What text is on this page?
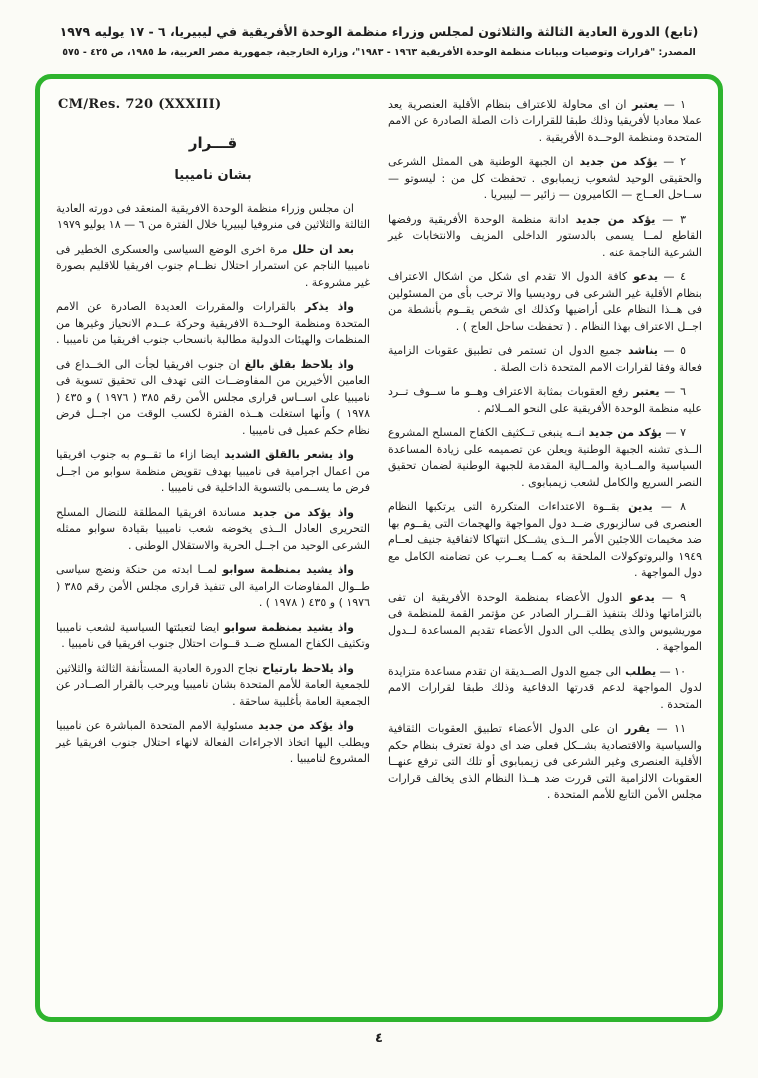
(تابع) الدورة العادية الثالثة والثلاثون لمجلس وزراء منظمة الوحدة الأفريقية في ليبيريا، ٦ - ١٧ يوليه ١٩٧٩
المصدر: "قرارات وتوصيات وبيانات منظمة الوحدة الأفريقية ١٩٦٣ - ١٩٨٣"، وزارة الخارجية، جمهورية مصر العربية، ط ١٩٨٥، ص ٤٢٥ - ٥٧٥

١ —يعتبران اى محاولة للاعتراف بنظام الأقلية العنصرية يعد عملا معاديا لأفريقيا وذلك طبقا للقرارات ذات الصلة الصادرة عن الامم المتحدة ومنظمة الوحــدة الأفريقية .

٢ —يؤكد من جديدان الجبهة الوطنية هى الممثل الشرعى والحقيقى الوحيد لشعوب زيمبابوى . تحفظت كل من : ليسوتو — ســاحل العــاج — الكاميرون — زائير — ليبيريا .

٣ —يؤكد من جديدادانة منظمة الوحدة الأفريقية ورفضها القاطع لمــا يسمى بالدستور الداخلى المزيف والانتخابات غير الشرعية الناجمة عنه .

٤ —يدعوكافة الدول الا تقدم اى شكل من اشكال الاعتراف بنظام الأقلية غير الشرعى فى روديسيا والا ترحب بأى من المسئولين فى هــذا النظام على أراضيها وكذلك اى شخص يقــوم بأنشطة من اجــل الاعتراف بهذا النظام . ( تحفظت ساحل العاج ) .

٥ —يناشدجميع الدول ان تستمر فى تطبيق عقوبات الزامية فعالة وفقا لقرارات الامم المتحدة ذات الصلة .

٦ —يعتبررفع العقوبات بمثابة الاعتراف وهــو ما ســوف تــرد عليه منظمة الوحدة الأفريقية على النحو المــلائم .

٧ —يؤكد من جديدانــه ينبغى تــكثيف الكفاح المسلح المشروع الــذى تشنه الجبهة الوطنية ويعلن عن تصميمه على زيادة المساعدة السياسية والمــادية والمــالية المقدمة للجبهة الوطنية لضمان تحقيق النصر السريع والكامل لشعب زيمبابوى .

٨ —يدينبقــوة الاعتداءات المتكررة التى يرتكبها النظام العنصرى فى سالزبورى ضــد دول المواجهة والهجمات التى يقــوم بها ضد مخيمات اللاجئين الأمر الــذى يشــكل انتهاكا لاتفاقية جنيف لعــام ١٩٤٩ والبروتوكولات الملحقة به كمــا يعــرب عن تضامنه الكامل مع دول المواجهة .

٩ —يدعوالدول الأعضاء بمنظمة الوحدة الأفريقية ان تفى بالتزاماتها وذلك بتنفيذ القــرار الصادر عن مؤتمر القمة للمنظمة فى موريشيوس والذى يطلب الى الدول الأعضاء تقديم المساعدة لــدول المواجهة .

١٠ —يطلبالى جميع الدول الصــديقة ان تقدم مساعدة متزايدة لدول المواجهة لدعم قدرتها الدفاعية وذلك طبقا لقرارات الامم المتحدة .

١١ —يقرران على الدول الأعضاء تطبيق العقوبات الثقافية والسياسية والاقتصادية بشــكل فعلى ضد اى دولة تعترف بنظام حكم الأقلية العنصرى وغير الشرعى فى زيمبابوى أو تلك التى ترفع عنهــا العقوبات الالزامية التى قررت ضد هــذا النظام الذى يخالف قرارات مجلس الأمن التابع للأمم المتحدة .

CM/Res. 720 (XXXIII)
قـــرار
بشان ناميبيا

ان مجلس وزراء منظمة الوحدة الافريقية المنعقد فى دورته العادية الثالثة والثلاثين فى منروفيا ليبيريا خلال الفترة من ٦ — ١٨ يوليو ١٩٧٩

بعد ان حللمرة اخرى الوضع السياسى والعسكرى الخطير فى ناميبيا الناجم عن استمرار احتلال نظــام جنوب افريقيا للاقليم بصورة غير مشروعة .

واذ يذكربالقرارات والمقررات العديدة الصادرة عن الامم المتحدة ومنظمة الوحــدة الافريقية وحركة عــدم الانحياز وغيرها من المنظمات والهيئات الدولية مطالبة بانسحاب جنوب افريقيا من ناميبيا .

واذ يلاحظ بقلق بالغان جنوب افريقيا لجأت الى الخــداع فى العامين الأخيرين من المفاوضــات التى تهدف الى تحقيق تسوية فى ناميبيا على اســاس قرارى مجلس الأمن رقم ٣٨٥ ( ١٩٧٦ ) و ٤٣٥ ( ١٩٧٨ ) وأنها استغلت هــذه الفترة لكسب الوقت من اجــل فرض نظام حكم عميل فى ناميبيا .

واذ يشعر بالقلق الشديدايضا ازاء ما تقــوم به جنوب افريقيا من اعمال اجرامية فى ناميبيا بهدف تقويض منظمة سوابو من اجــل فرض ما يســمى بالتسوية الداخلية فى ناميبيا .

واذ يؤكد من جديدمساندة افريقيا المطلقة للنضال المسلح التحريرى العادل الــذى يخوضه شعب ناميبيا بقيادة سوابو ممثله الشرعى الوحيد من اجــل الحرية والاستقلال الوطنى .

واذ يشيد بمنظمة سوابولمــا ابدته من حنكة ونضج سياسى طــوال المفاوضات الرامية الى تنفيذ قرارى مجلس الأمن رقم ٣٨٥ ( ١٩٧٦ ) و ٤٣٥ ( ١٩٧٨ ) .

واذ يشيد بمنظمة سوابوايضا لتعبئتها السياسية لشعب ناميبيا وتكثيف الكفاح المسلح ضــد قــوات احتلال جنوب افريقيا فى ناميبيا .

واذ يلاحظ بارتياحنجاح الدورة العادية المستأنفة الثالثة والثلاثين للجمعية العامة للأمم المتحدة بشان ناميبيا ويرحب بالقرار الصــادر عن الجمعية العامة بأغلبية ساحقة .

واذ يؤكد من جديدمسئولية الامم المتحدة المباشرة عن ناميبيا ويطلب اليها اتخاذ الاجراءات الفعالة لانهاء احتلال جنوب افريقيا غير المشروع لناميبيا .

٤
